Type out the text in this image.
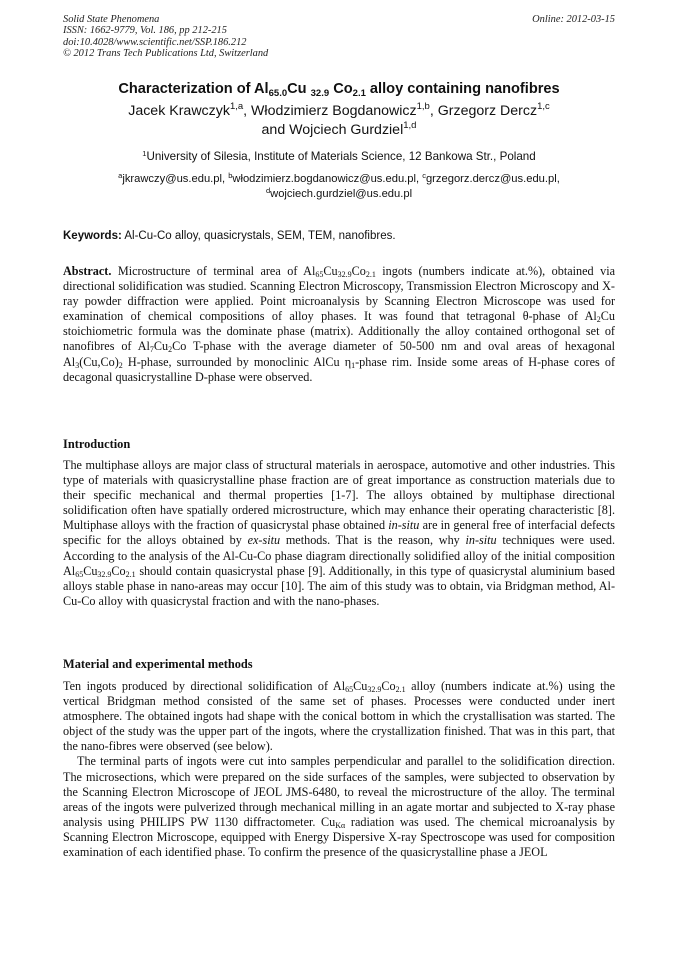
Solid State Phenomena
ISSN: 1662-9779, Vol. 186, pp 212-215
doi:10.4028/www.scientific.net/SSP.186.212
© 2012 Trans Tech Publications Ltd, Switzerland
Online: 2012-03-15
Characterization of $Al_{65.0}Cu$ $_{32.9}$ $Co_{2.1}$ alloy containing nanofibres
Jacek Krawczyk$^{1,a}$, Włodzimierz Bogdanowicz$^{1,b}$, Grzegorz Dercz$^{1,c}$
and Wojciech Gurdziel$^{1,d}$
$^1$University of Silesia, Institute of Materials Science, 12 Bankowa Str., Poland
$^a$jkrawczy@us.edu.pl, $^b$włodzimierz.bogdanowicz@us.edu.pl, $^c$grzegorz.dercz@us.edu.pl,
$^d$wojciech.gurdziel@us.edu.pl
Keywords: Al-Cu-Co alloy, quasicrystals, SEM, TEM, nanofibres.
Abstract. Microstructure of terminal area of $Al_{65}Cu_{32.9}Co_{2.1}$ ingots (numbers indicate at.%), obtained via directional solidification was studied. Scanning Electron Microscopy, Transmission Electron Microscopy and X-ray powder diffraction were applied. Point microanalysis by Scanning Electron Microscope was used for examination of chemical compositions of alloy phases. It was found that tetragonal θ-phase of $Al_2Cu$ stoichiometric formula was the dominate phase (matrix). Additionally the alloy contained orthogonal set of nanofibres of $Al_7Cu_2Co$ T-phase with the average diameter of 50-500 nm and oval areas of hexagonal $Al_3(Cu,Co)_2$ H-phase, surrounded by monoclinic AlCu $\eta_1$-phase rim. Inside some areas of H-phase cores of decagonal quasicrystalline D-phase were observed.
Introduction
The multiphase alloys are major class of structural materials in aerospace, automotive and other industries. This type of materials with quasicrystalline phase fraction are of great importance as construction materials due to their specific mechanical and thermal properties [1-7]. The alloys obtained by multiphase directional solidification often have spatially ordered microstructure, which may enhance their operating characteristic [8]. Multiphase alloys with the fraction of quasicrystal phase obtained in-situ are in general free of interfacial defects specific for the alloys obtained by ex-situ methods. That is the reason, why in-situ techniques were used. According to the analysis of the Al-Cu-Co phase diagram directionally solidified alloy of the initial composition $Al_{65}Cu_{32.9}Co_{2.1}$ should contain quasicrystal phase [9]. Additionally, in this type of quasicrystal aluminium based alloys stable phase in nano-areas may occur [10]. The aim of this study was to obtain, via Bridgman method, Al-Cu-Co alloy with quasicrystal fraction and with the nano-phases.
Material and experimental methods
Ten ingots produced by directional solidification of $Al_{65}Cu_{32.9}Co_{2.1}$ alloy (numbers indicate at.%) using the vertical Bridgman method consisted of the same set of phases. Processes were conducted under inert atmosphere. The obtained ingots had shape with the conical bottom in which the crystallisation was started. The object of the study was the upper part of the ingots, where the crystallization finished. That was in this part, that the nano-fibres were observed (see below).
The terminal parts of ingots were cut into samples perpendicular and parallel to the solidification direction. The microsections, which were prepared on the side surfaces of the samples, were subjected to observation by the Scanning Electron Microscope of JEOL JMS-6480, to reveal the microstructure of the alloy. The terminal areas of the ingots were pulverized through mechanical milling in an agate mortar and subjected to X-ray phase analysis using PHILIPS PW 1130 diffractometer. $Cu_{K\alpha}$ radiation was used. The chemical microanalysis by Scanning Electron Microscope, equipped with Energy Dispersive X-ray Spectroscope was used for composition examination of each identified phase. To confirm the presence of the quasicrystalline phase a JEOL
